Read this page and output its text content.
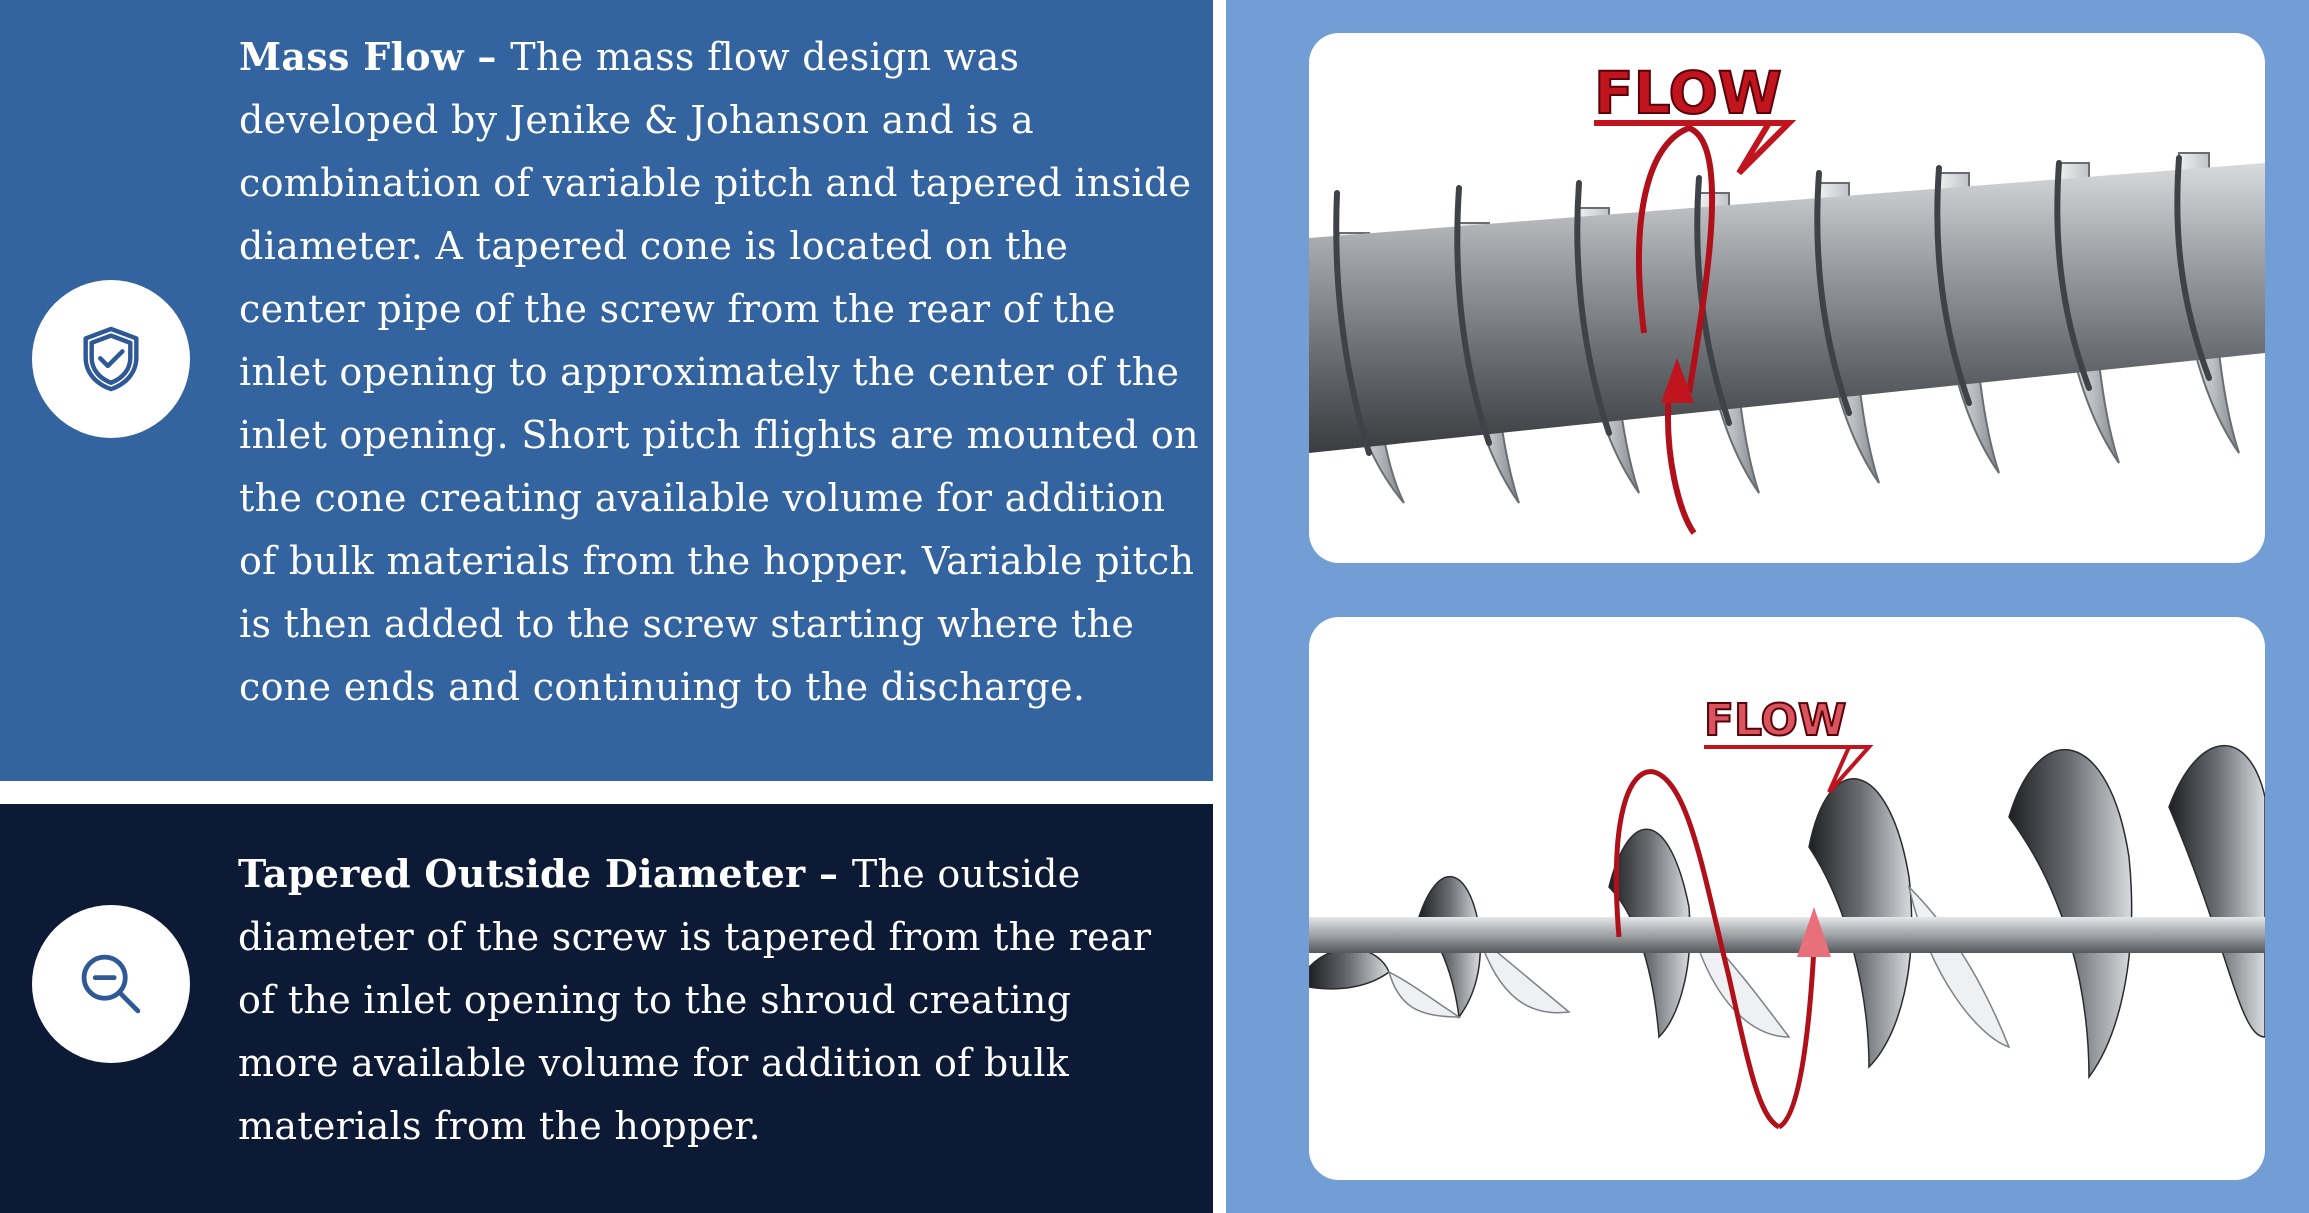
Mass Flow – The mass flow design was developed by Jenike & Johanson and is a combination of variable pitch and tapered inside diameter. A tapered cone is located on the center pipe of the screw from the rear of the inlet opening to approximately the center of the inlet opening. Short pitch flights are mounted on the cone creating available volume for addition of bulk materials from the hopper. Variable pitch is then added to the screw starting where the cone ends and continuing to the discharge.

Tapered Outside Diameter – The outside diameter of the screw is tapered from the rear of the inlet opening to the shroud creating more available volume for addition of bulk materials from the hopper.

FLOW
FLOW
